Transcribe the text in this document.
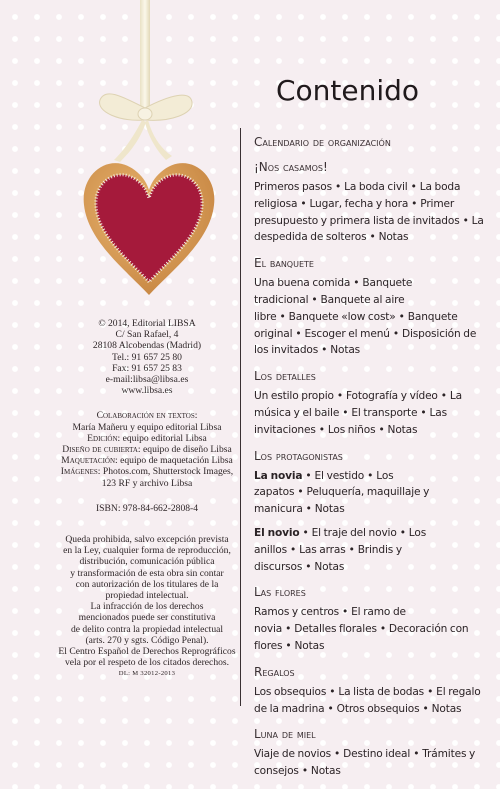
© 2014, Editorial LIBSA

C/ San Rafael, 4

28108 Alcobendas (Madrid)

Tel.: 91 657 25 80

Fax: 91 657 25 83

e-mail:libsa@libsa.es

www.libsa.es

Colaboración en textos:

María Mañeru y equipo editorial Libsa

Edición: equipo editorial Libsa

Diseño de cubierta: equipo de diseño Libsa

Maquetación: equipo de maquetación Libsa

Imágenes: Photos.com, Shutterstock Images,

123 RF y archivo Libsa

ISBN: 978-84-662-2808-4

Queda prohibida, salvo excepción prevista

en la Ley, cualquier forma de reproducción,

distribución, comunicación pública

y transformación de esta obra sin contar

con autorización de los titulares de la

propiedad intelectual.

La infracción de los derechos

mencionados puede ser constitutiva

de delito contra la propiedad intelectual

(arts. 270 y sgts. Código Penal).

El Centro Español de Derechos Reprográficos

vela por el respeto de los citados derechos.

DL: M 32012-2013

Contenido
Calendario de organización
¡Nos casamos!
Primeros pasos • La boda civil • La boda religiosa • Lugar, fecha y hora • Primer presupuesto y primera lista de invitados • La despedida de solteros • Notas
El banquete
Una buena comida • Banquete tradicional • Banquete al aire libre • Banquete «low cost» • Banquete original • Escoger el menú • Disposición de los invitados • Notas
Los detalles
Un estilo propio • Fotografía y vídeo • La música y el baile • El transporte • Las invitaciones • Los niños • Notas
Los protagonistas
La novia • El vestido • Los zapatos • Peluquería, maquillaje y manicura • Notas
El novio • El traje del novio • Los anillos • Las arras • Brindis y discursos • Notas
Las flores
Ramos y centros • El ramo de novia • Detalles florales • Decoración con flores • Notas
Regalos
Los obsequios • La lista de bodas • El regalo de la madrina • Otros obsequios • Notas
Luna de miel
Viaje de novios • Destino ideal • Trámites y consejos • Notas
